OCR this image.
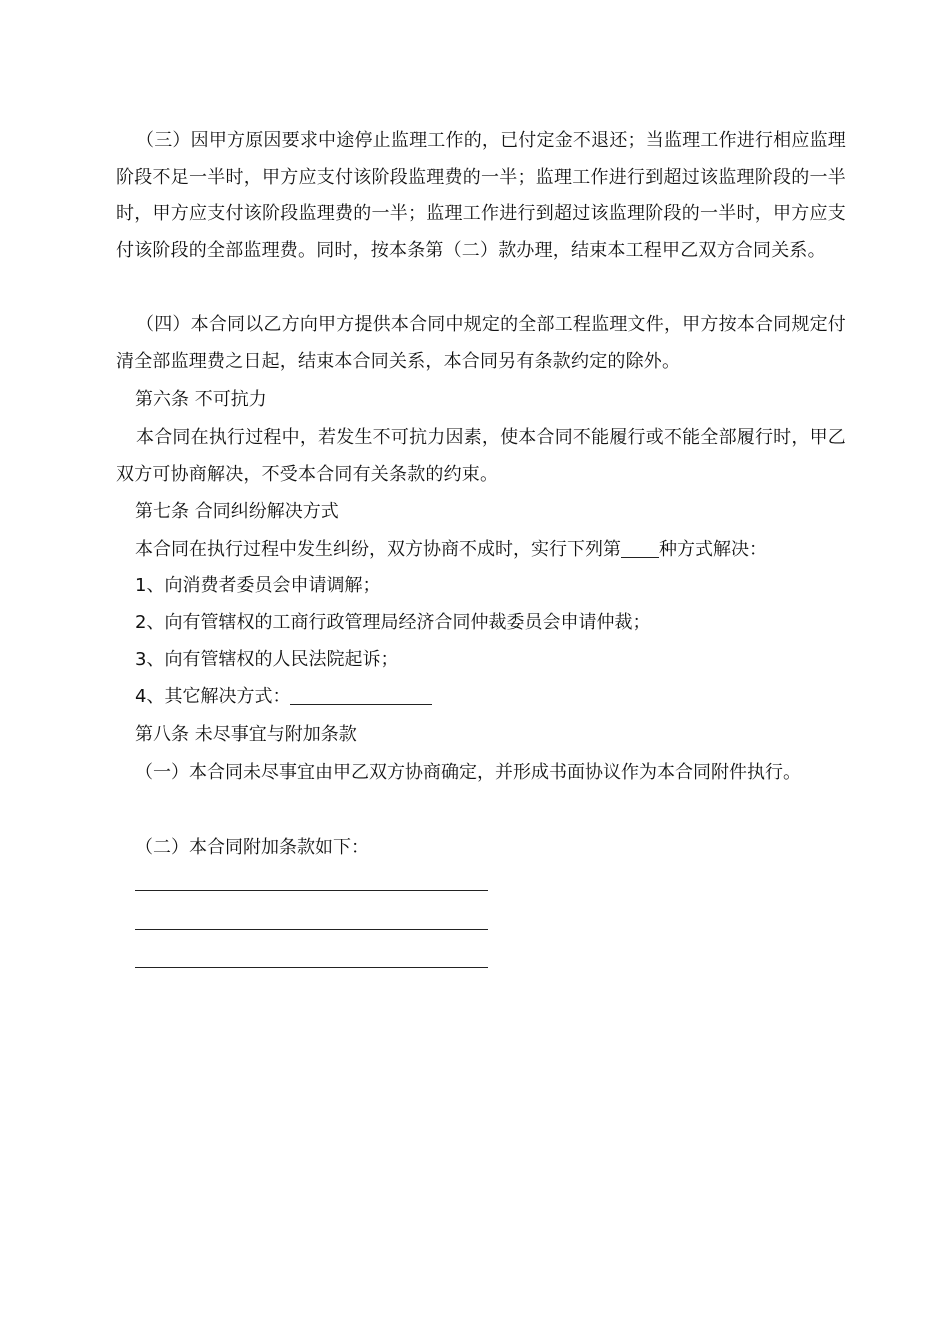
（三）因甲方原因要求中途停止监理工作的，已付定金不退还；当监理工作进行相应监理阶段不足一半时，甲方应支付该阶段监理费的一半；监理工作进行到超过该监理阶段的一半时，甲方应支付该阶段监理费的一半；监理工作进行到超过该监理阶段的一半时，甲方应支付该阶段的全部监理费。同时，按本条第（二）款办理，结束本工程甲乙双方合同关系。

（四）本合同以乙方向甲方提供本合同中规定的全部工程监理文件，甲方按本合同规定付清全部监理费之日起，结束本合同关系，本合同另有条款约定的除外。

第六条 不可抗力

本合同在执行过程中，若发生不可抗力因素，使本合同不能履行或不能全部履行时，甲乙双方可协商解决，不受本合同有关条款的约束。

第七条 合同纠纷解决方式

本合同在执行过程中发生纠纷，双方协商不成时，实行下列第 种方式解决：

1、向消费者委员会申请调解；

2、向有管辖权的工商行政管理局经济合同仲裁委员会申请仲裁；

3、向有管辖权的人民法院起诉；

4、其它解决方式：

第八条 未尽事宜与附加条款

（一）本合同未尽事宜由甲乙双方协商确定，并形成书面协议作为本合同附件执行。

（二）本合同附加条款如下：
